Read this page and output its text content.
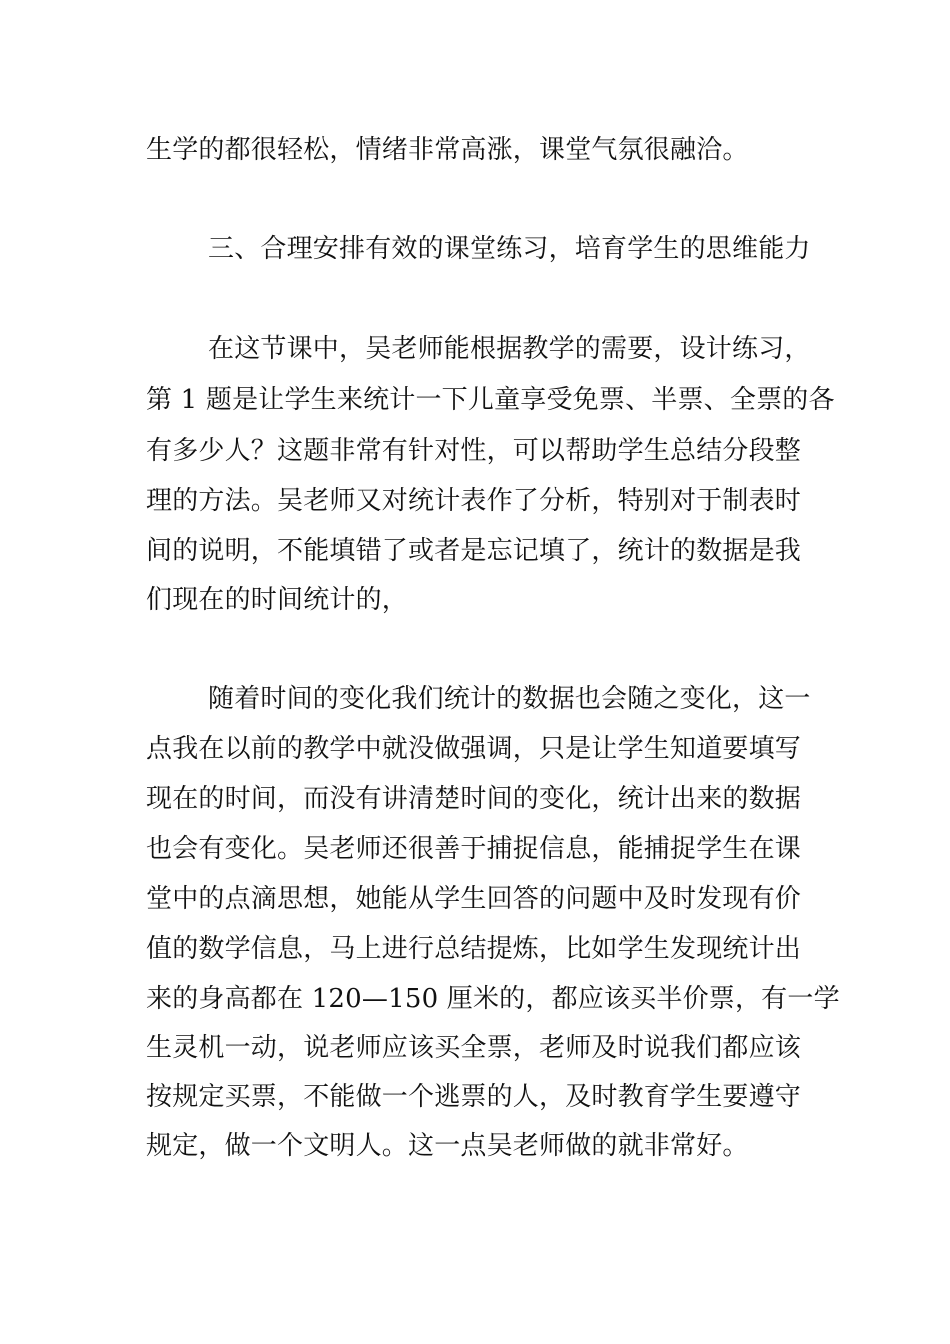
生学的都很轻松，情绪非常高涨，课堂气氛很融洽。
三、合理安排有效的课堂练习，培育学生的思维能力
在这节课中，吴老师能根据教学的需要，设计练习，
第 1 题是让学生来统计一下儿童享受免票、半票、全票的各
有多少人？这题非常有针对性，可以帮助学生总结分段整
理的方法。吴老师又对统计表作了分析，特别对于制表时
间的说明，不能填错了或者是忘记填了，统计的数据是我
们现在的时间统计的，
随着时间的变化我们统计的数据也会随之变化，这一
点我在以前的教学中就没做强调，只是让学生知道要填写
现在的时间，而没有讲清楚时间的变化，统计出来的数据
也会有变化。吴老师还很善于捕捉信息，能捕捉学生在课
堂中的点滴思想，她能从学生回答的问题中及时发现有价
值的数学信息，马上进行总结提炼，比如学生发现统计出
来的身高都在 120—150 厘米的，都应该买半价票，有一学
生灵机一动，说老师应该买全票，老师及时说我们都应该
按规定买票，不能做一个逃票的人，及时教育学生要遵守
规定，做一个文明人。这一点吴老师做的就非常好。
